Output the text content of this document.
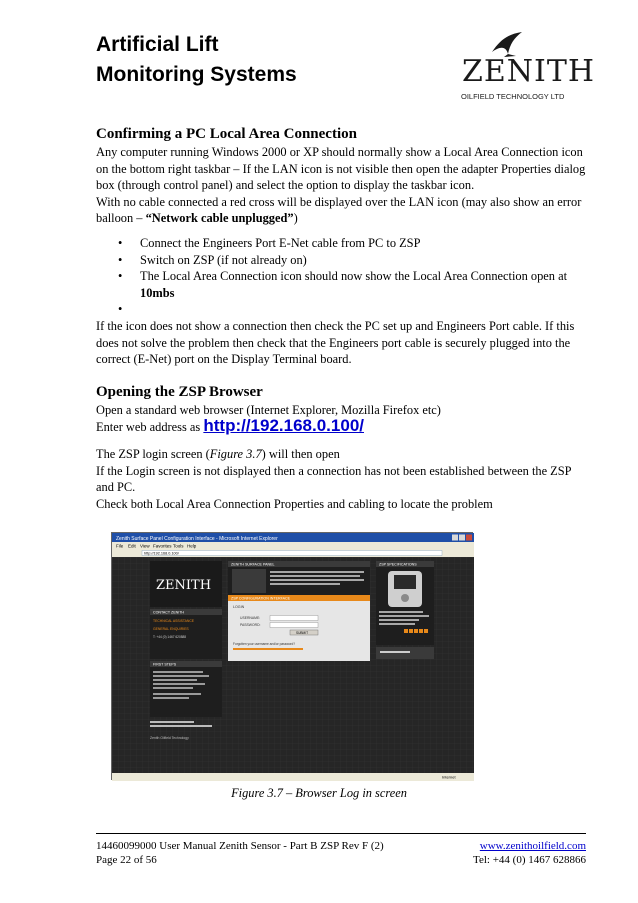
Artificial Lift
Monitoring Systems	ZENITH
OILFIELD TECHNOLOGY LTD
Confirming a PC Local Area Connection

Any computer running Windows 2000 or XP should normally show a Local Area Connection icon on the bottom right taskbar – If the LAN icon is not visible then open the adapter Properties dialog box (through control panel) and select the option to display the taskbar icon.

With no cable connected a red cross will be displayed over the LAN icon (may also show an error balloon – “Network cable unplugged”)

• Connect the Engineers Port E-Net cable from PC to ZSP
• Switch on ZSP (if not already on)
• The Local Area Connection icon should now show the Local Area Connection open at 10mbs
•

If the icon does not show a connection then check the PC set up and Engineers Port cable. If this does not solve the problem then check that the Engineers port cable is securely plugged into the correct (E-Net) port on the Display Terminal board.

Opening the ZSP Browser

Open a standard web browser (Internet Explorer, Mozilla Firefox etc)

Enter web address as http://192.168.0.100/

The ZSP login screen (Figure 3.7) will then open

If the Login screen is not displayed then a connection has not been established between the ZSP and PC.

Check both Local Area Connection Properties and cabling to locate the problem

Zenith Surface Panel Configuration Interface - Microsoft Internet Explorer
File Edit View Favorites Tools Help
http://192.168.0.100/
ZENITH
CONTACT ZENITH
TECHNICAL ASSISTANCE
GENERAL ENQUIRIES
T: +44 (0) 1467 620888
FIRST STEPS
ZENITH SURFACE PANEL
ZSP CONFIGURATION INTERFACE
LOGIN
USERNAME:
PASSWORD:
SUBMIT
Forgotten your username and/or password?
ZSP SPECIFICATIONS
Zenith Oilfield Technology
Internet
Figure 3.7 – Browser Log in screen
14460099000 User Manual Zenith Sensor - Part B ZSP Rev F (2)
Page 22 of 56
www.zenithoilfield.com
Tel: +44 (0) 1467 628866
